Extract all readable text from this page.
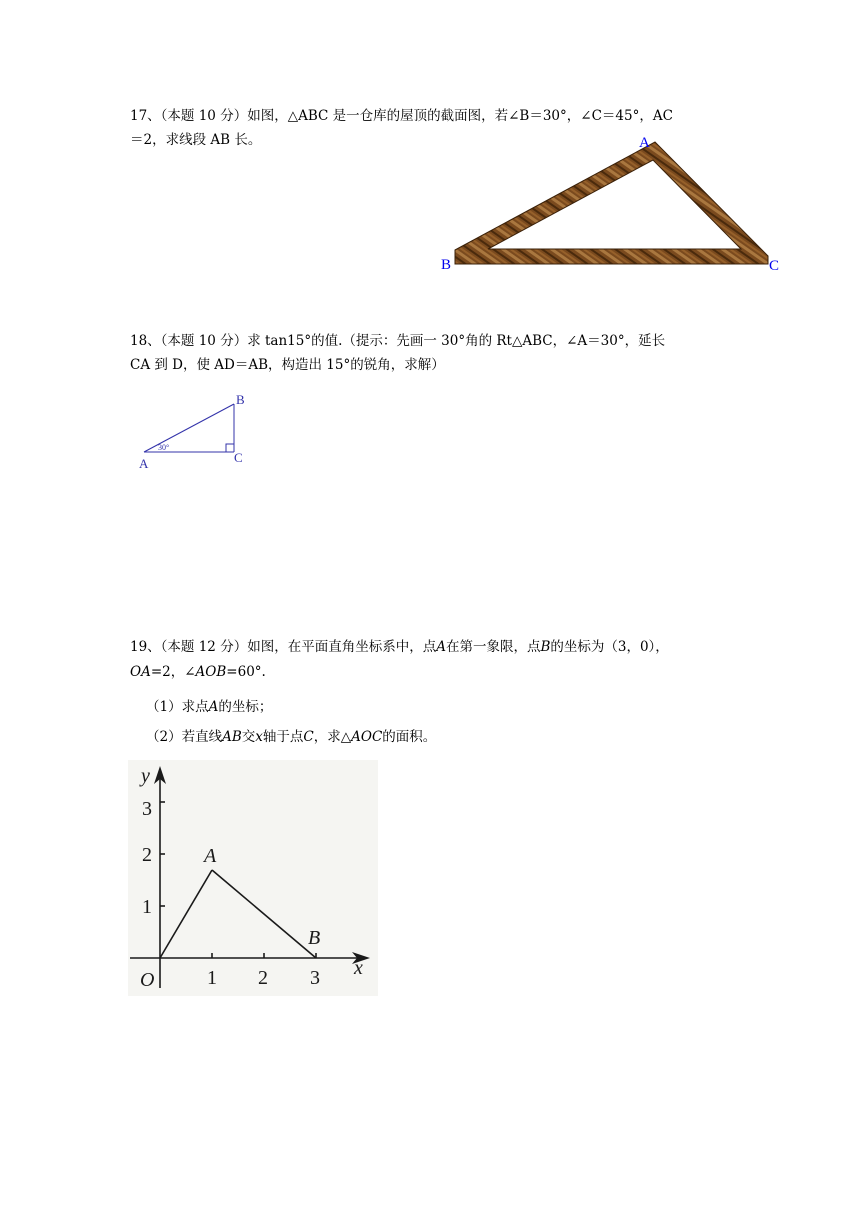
17、（本题 10 分）如图，△ABC 是一仓库的屋顶的截面图，若∠B＝30°，∠C＝45°，AC
＝2，求线段 AB 长。	A
B	C
18、（本题 10 分）求 tan15°的值.（提示：先画一 30°角的 Rt△ABC，∠A＝30°，延长
CA 到 D，使 AD＝AB，构造出 15°的锐角，求解）
B
A	C
30°
19、（本题 12 分）如图，在平面直角坐标系中，点A在第一象限，点B的坐标为（3，0），
OA=2，∠AOB=60°.
（1）求点A的坐标；
（2）若直线AB交x轴于点C，求△AOC的面积。
y
x
O
3
2
1
1 2 3
A
B
